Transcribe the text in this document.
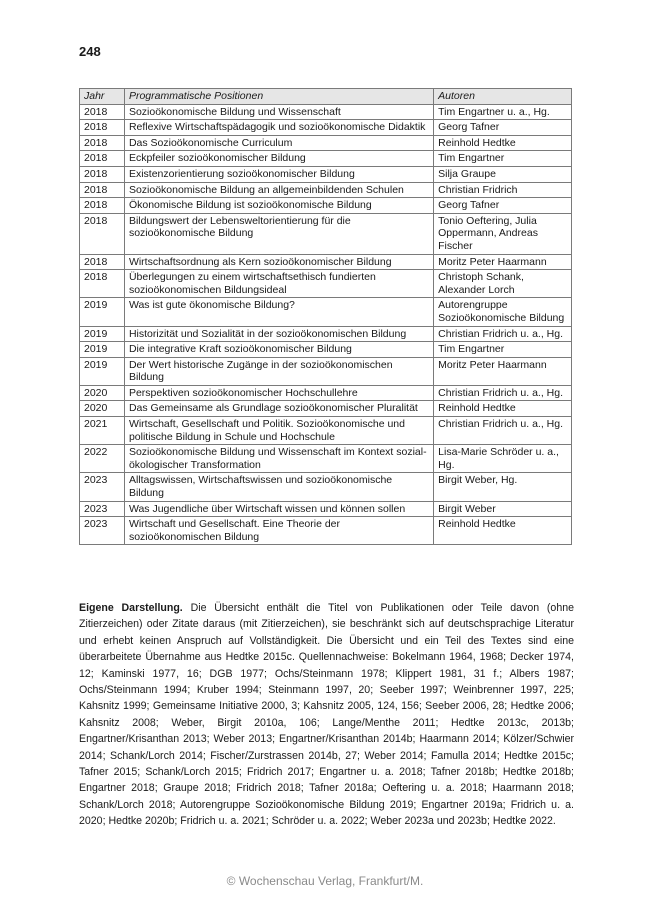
248
Jahr	Programmatische Positionen	Autoren
2018	Sozioökonomische Bildung und Wissenschaft	Tim Engartner u. a., Hg.
2018	Reflexive Wirtschaftspädagogik und sozioökonomische Didaktik	Georg Tafner
2018	Das Sozioökonomische Curriculum	Reinhold Hedtke
2018	Eckpfeiler sozioökonomischer Bildung	Tim Engartner
2018	Existenzorientierung sozioökonomischer Bildung	Silja Graupe
2018	Sozioökonomische Bildung an allgemeinbildenden Schulen	Christian Fridrich
2018	Ökonomische Bildung ist sozioökonomische Bildung	Georg Tafner
2018	Bildungswert der Lebensweltorientierung für die sozioökonomische Bildung	Tonio Oeftering, Julia Oppermann, Andreas Fischer
2018	Wirtschaftsordnung als Kern sozioökonomischer Bildung	Moritz Peter Haarmann
2018	Überlegungen zu einem wirtschaftsethisch fundierten sozioökonomischen Bildungsideal	Christoph Schank, Alexander Lorch
2019	Was ist gute ökonomische Bildung?	Autorengruppe Sozioökonomische Bildung
2019	Historizität und Sozialität in der sozioökonomischen Bildung	Christian Fridrich u. a., Hg.
2019	Die integrative Kraft sozioökonomischer Bildung	Tim Engartner
2019	Der Wert historische Zugänge in der sozioökonomischen Bildung	Moritz Peter Haarmann
2020	Perspektiven sozioökonomischer Hochschullehre	Christian Fridrich u. a., Hg.
2020	Das Gemeinsame als Grundlage sozioökonomischer Pluralität	Reinhold Hedtke
2021	Wirtschaft, Gesellschaft und Politik. Sozioökonomische und politische Bildung in Schule und Hochschule	Christian Fridrich u. a., Hg.
2022	Sozioökonomische Bildung und Wissenschaft im Kontext sozial-ökologischer Transformation	Lisa-Marie Schröder u. a., Hg.
2023	Alltagswissen, Wirtschaftswissen und sozioökonomische Bildung	Birgit Weber, Hg.
2023	Was Jugendliche über Wirtschaft wissen und können sollen	Birgit Weber
2023	Wirtschaft und Gesellschaft. Eine Theorie der sozioökonomischen Bildung	Reinhold Hedtke
Eigene Darstellung. Die Übersicht enthält die Titel von Publikationen oder Teile davon (ohne Zitierzeichen) oder Zitate daraus (mit Zitierzeichen), sie beschränkt sich auf deutschsprachige Literatur und erhebt keinen Anspruch auf Vollständigkeit. Die Übersicht und ein Teil des Textes sind eine überarbeitete Übernahme aus Hedtke 2015c. Quellennachweise: Bokelmann 1964, 1968; Decker 1974, 12; Kaminski 1977, 16; DGB 1977; Ochs/Steinmann 1978; Klippert 1981, 31 f.; Albers 1987; Ochs/Steinmann 1994; Kruber 1994; Steinmann 1997, 20; Seeber 1997; Weinbrenner 1997, 225; Kahsnitz 1999; Gemeinsame Initiative 2000, 3; Kahsnitz 2005, 124, 156; Seeber 2006, 28; Hedtke 2006; Kahsnitz 2008; Weber, Birgit 2010a, 106; Lange/Menthe 2011; Hedtke 2013c, 2013b; Engartner/Krisanthan 2013; Weber 2013; Engartner/Krisanthan 2014b; Haarmann 2014; Kölzer/Schwier 2014; Schank/Lorch 2014; Fischer/Zurstrassen 2014b, 27; Weber 2014; Famulla 2014; Hedtke 2015c; Tafner 2015; Schank/Lorch 2015; Fridrich 2017; Engartner u. a. 2018; Tafner 2018b; Hedtke 2018b; Engartner 2018; Graupe 2018; Fridrich 2018; Tafner 2018a; Oeftering u. a. 2018; Haarmann 2018; Schank/Lorch 2018; Autorengruppe Sozioökonomische Bildung 2019; Engartner 2019a; Fridrich u. a. 2020; Hedtke 2020b; Fridrich u. a. 2021; Schröder u. a. 2022; Weber 2023a und 2023b; Hedtke 2022.
© Wochenschau Verlag, Frankfurt/M.
